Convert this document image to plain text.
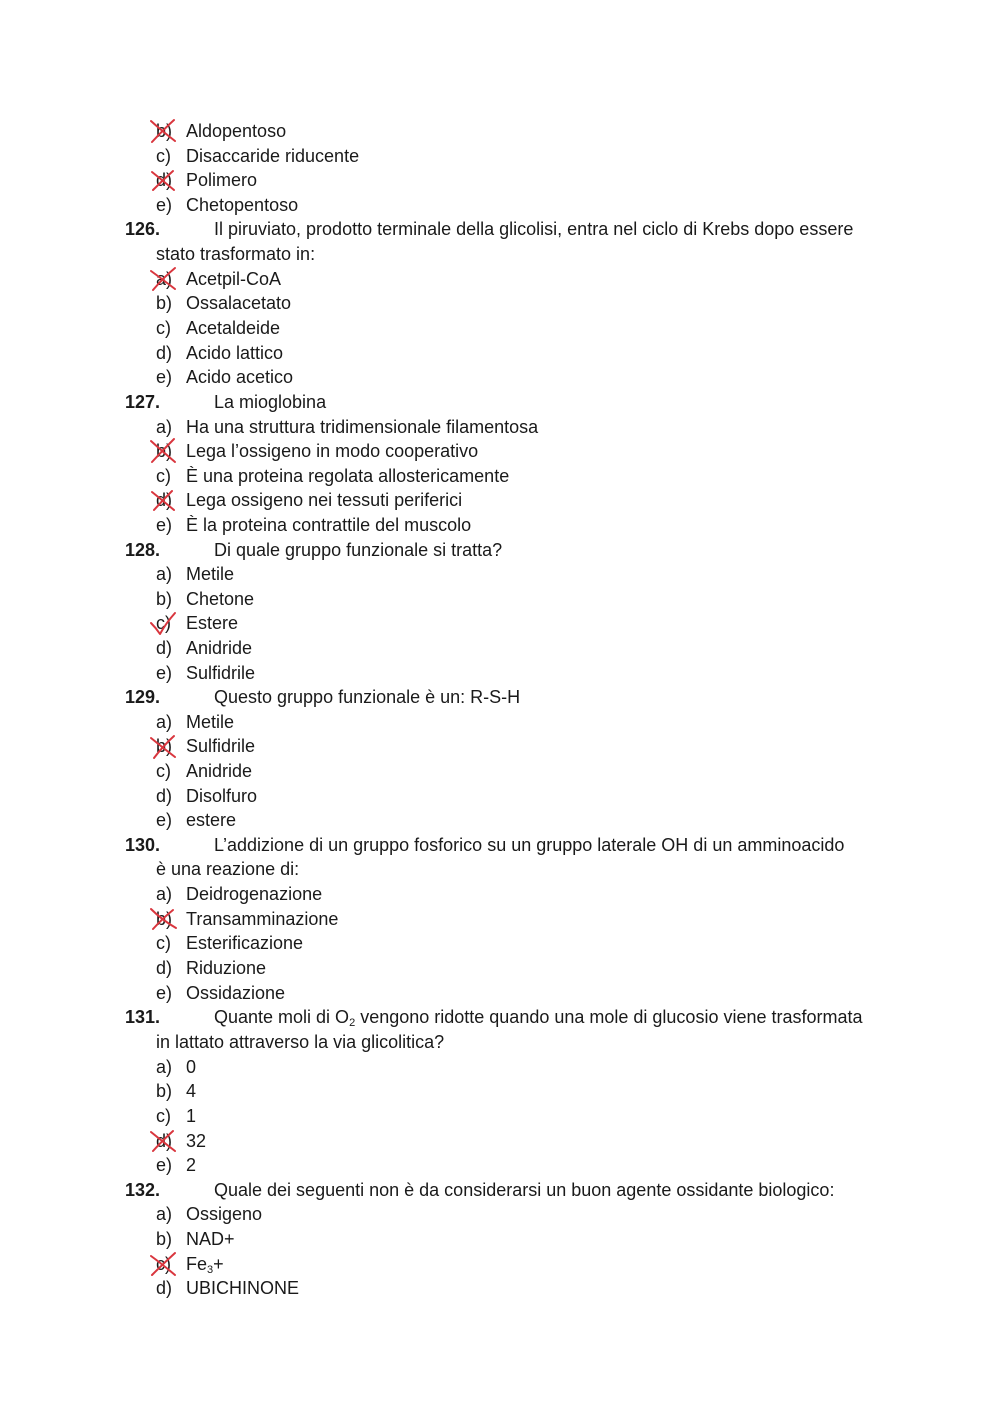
b) Aldopentoso
c) Disaccaride riducente
d) Polimero
e) Chetopentoso
126.	Il piruviato, prodotto terminale della glicolisi, entra nel ciclo di Krebs dopo essere
stato trasformato in:
a) Acetpil-CoA
b) Ossalacetato
c) Acetaldeide
d) Acido lattico
e) Acido acetico
127.	La mioglobina
a) Ha una struttura tridimensionale filamentosa
b) Lega l’ossigeno in modo cooperativo
c) È una proteina regolata allostericamente
d) Lega ossigeno nei tessuti periferici
e) È la proteina contrattile del muscolo
128.	Di quale gruppo funzionale si tratta?
a) Metile
b) Chetone
c) Estere
d) Anidride
e) Sulfidrile
129.	Questo gruppo funzionale è un: R-S-H
a) Metile
b) Sulfidrile
c) Anidride
d) Disolfuro
e) estere
130.	L’addizione di un gruppo fosforico su un gruppo laterale OH di un amminoacido
è una reazione di:
a) Deidrogenazione
b) Transamminazione
c) Esterificazione
d) Riduzione
e) Ossidazione
131.	Quante moli di $O_2$ vengono ridotte quando una mole di glucosio viene trasformata
in lattato attraverso la via glicolitica?
a) 0
b) 4
c) 1
d) 32
e) 2
132.	Quale dei seguenti non è da considerarsi un buon agente ossidante biologico:
a) Ossigeno
b) NAD+
c) $Fe_3+$
d) UBICHINONE
